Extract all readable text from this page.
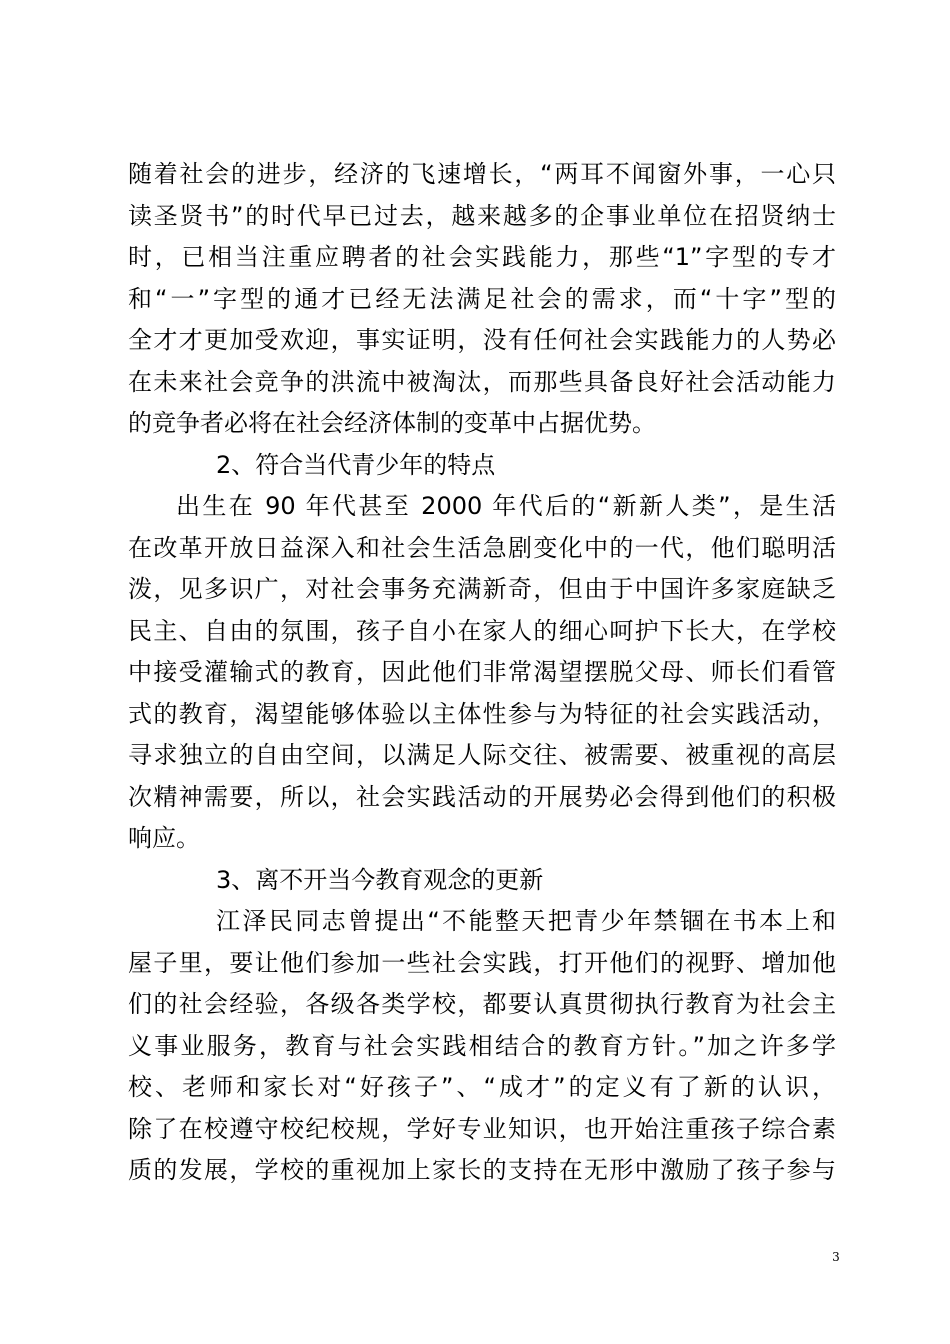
随着社会的进步，经济的飞速增长，“两耳不闻窗外事，一心只
读圣贤书”的时代早已过去，越来越多的企事业单位在招贤纳士
时，已相当注重应聘者的社会实践能力，那些“1”字型的专才
和“一”字型的通才已经无法满足社会的需求，而“十字”型的
全才才更加受欢迎，事实证明，没有任何社会实践能力的人势必
在未来社会竞争的洪流中被淘汰，而那些具备良好社会活动能力
的竞争者必将在社会经济体制的变革中占据优势。
2、符合当代青少年的特点
出生在 90 年代甚至 2000 年代后的“新新人类”，是生活
在改革开放日益深入和社会生活急剧变化中的一代，他们聪明活
泼，见多识广，对社会事务充满新奇，但由于中国许多家庭缺乏
民主、自由的氛围，孩子自小在家人的细心呵护下长大，在学校
中接受灌输式的教育，因此他们非常渴望摆脱父母、师长们看管
式的教育，渴望能够体验以主体性参与为特征的社会实践活动，
寻求独立的自由空间，以满足人际交往、被需要、被重视的高层
次精神需要，所以，社会实践活动的开展势必会得到他们的积极
响应。
3、离不开当今教育观念的更新
江泽民同志曾提出“不能整天把青少年禁锢在书本上和
屋子里，要让他们参加一些社会实践，打开他们的视野、增加他
们的社会经验，各级各类学校，都要认真贯彻执行教育为社会主
义事业服务，教育与社会实践相结合的教育方针。”加之许多学
校、老师和家长对“好孩子”、“成才”的定义有了新的认识，
除了在校遵守校纪校规，学好专业知识，也开始注重孩子综合素
质的发展，学校的重视加上家长的支持在无形中激励了孩子参与
3
